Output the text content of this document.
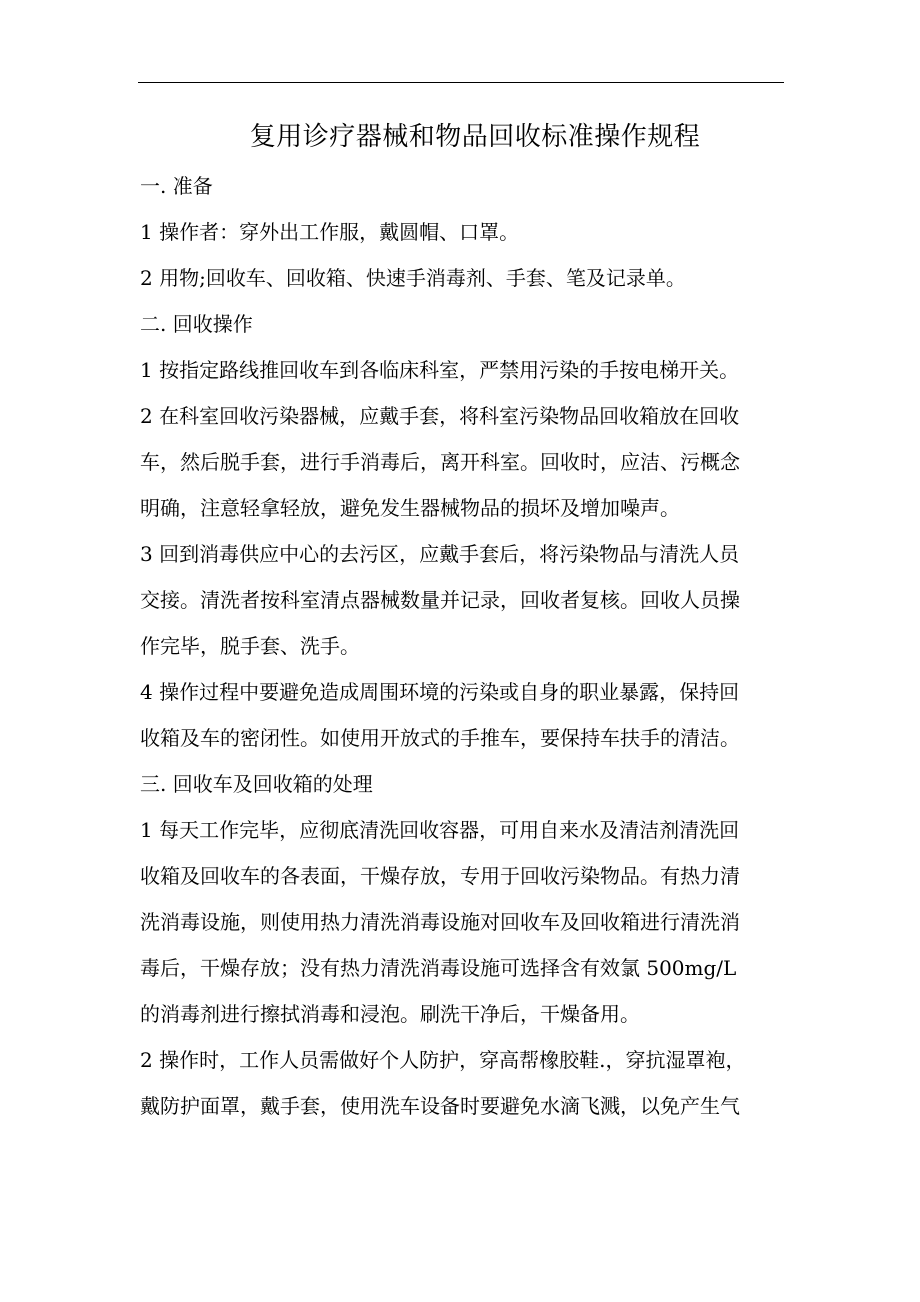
复用诊疗器械和物品回收标准操作规程
一. 准备
1 操作者：穿外出工作服，戴圆帽、口罩。
2 用物;回收车、回收箱、快速手消毒剂、手套、笔及记录单。
二. 回收操作
1 按指定路线推回收车到各临床科室，严禁用污染的手按电梯开关。
2 在科室回收污染器械，应戴手套，将科室污染物品回收箱放在回收
车，然后脱手套，进行手消毒后，离开科室。回收时，应洁、污概念
明确，注意轻拿轻放，避免发生器械物品的损坏及增加噪声。
3 回到消毒供应中心的去污区，应戴手套后，将污染物品与清洗人员
交接。清洗者按科室清点器械数量并记录，回收者复核。回收人员操
作完毕，脱手套、洗手。
4 操作过程中要避免造成周围环境的污染或自身的职业暴露，保持回
收箱及车的密闭性。如使用开放式的手推车，要保持车扶手的清洁。
三. 回收车及回收箱的处理
1 每天工作完毕，应彻底清洗回收容器，可用自来水及清洁剂清洗回
收箱及回收车的各表面，干燥存放，专用于回收污染物品。有热力清
洗消毒设施，则使用热力清洗消毒设施对回收车及回收箱进行清洗消
毒后，干燥存放；没有热力清洗消毒设施可选择含有效氯 500mg/L
的消毒剂进行擦拭消毒和浸泡。刷洗干净后，干燥备用。
2 操作时，工作人员需做好个人防护，穿高帮橡胶鞋.，穿抗湿罩袍，
戴防护面罩，戴手套，使用洗车设备时要避免水滴飞溅，以免产生气
